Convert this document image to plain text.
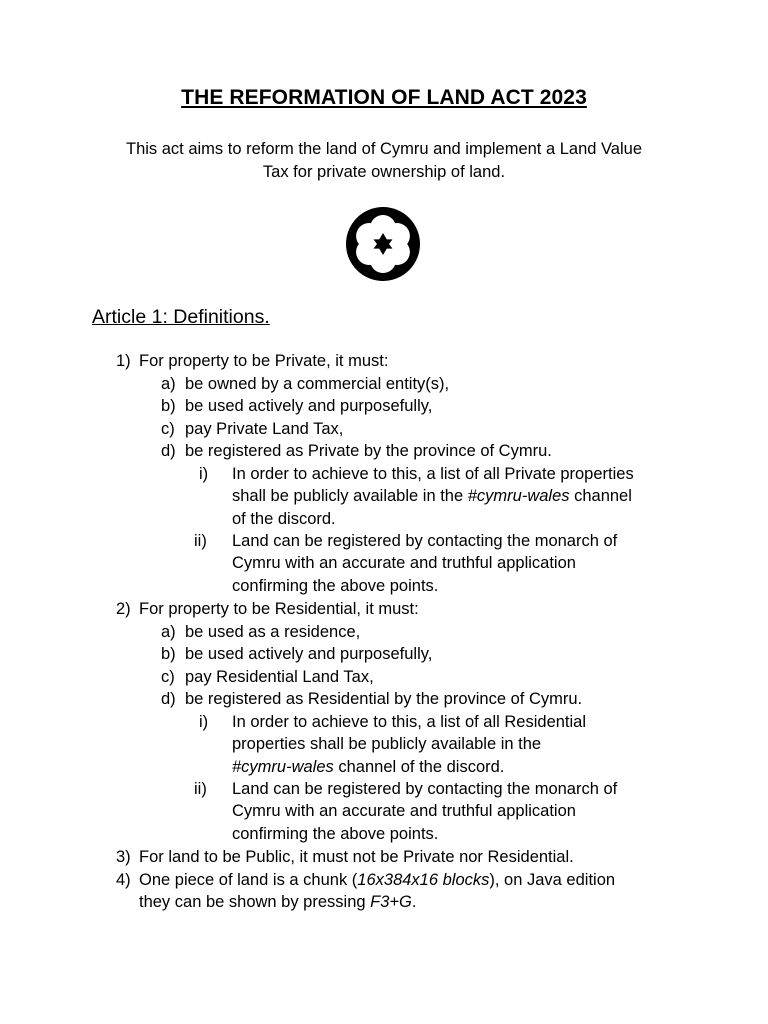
THE REFORMATION OF LAND ACT 2023
This act aims to reform the land of Cymru and implement a Land Value
Tax for private ownership of land.
Article 1: Definitions.
1) For property to be Private, it must:
a) be owned by a commercial entity(s),
b) be used actively and purposefully,
c) pay Private Land Tax,
d) be registered as Private by the province of Cymru.
i) In order to achieve to this, a list of all Private properties
shall be publicly available in the #cymru-wales channel
of the discord.
ii) Land can be registered by contacting the monarch of
Cymru with an accurate and truthful application
confirming the above points.
2) For property to be Residential, it must:
a) be used as a residence,
b) be used actively and purposefully,
c) pay Residential Land Tax,
d) be registered as Residential by the province of Cymru.
i) In order to achieve to this, a list of all Residential
properties shall be publicly available in the
#cymru-wales channel of the discord.
ii) Land can be registered by contacting the monarch of
Cymru with an accurate and truthful application
confirming the above points.
3) For land to be Public, it must not be Private nor Residential.
4) One piece of land is a chunk (16x384x16 blocks), on Java edition
they can be shown by pressing F3+G.
